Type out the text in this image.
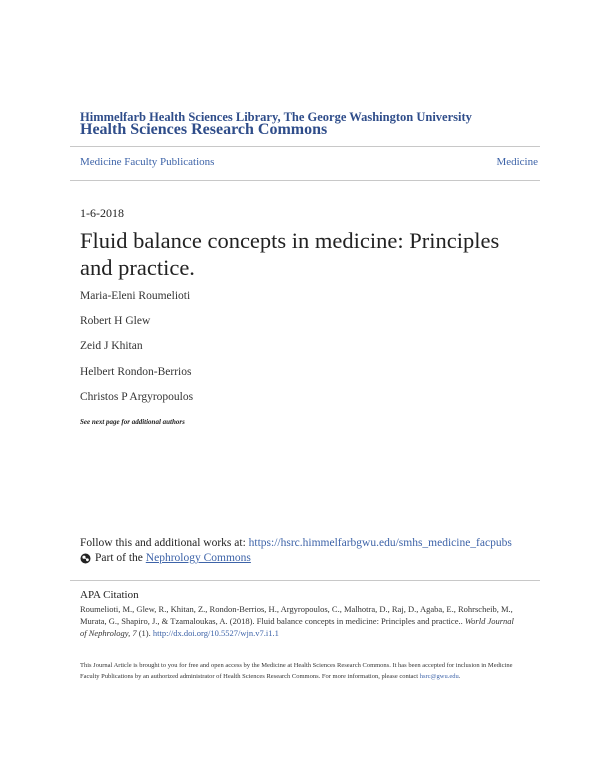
Himmelfarb Health Sciences Library, The George Washington University
Health Sciences Research Commons
Medicine Faculty Publications	Medicine
1-6-2018
Fluid balance concepts in medicine: Principles and practice.
Maria-Eleni Roumelioti
Robert H Glew
Zeid J Khitan
Helbert Rondon-Berrios
Christos P Argyropoulos
See next page for additional authors
Follow this and additional works at: https://hsrc.himmelfarbgwu.edu/smhs_medicine_facpubs
Part of the
Nephrology Commons
APA Citation
Roumelioti, M., Glew, R., Khitan, Z., Rondon-Berrios, H., Argyropoulos, C., Malhotra, D., Raj, D., Agaba, E., Rohrscheib, M., Murata, G., Shapiro, J., & Tzamaloukas, A. (2018). Fluid balance concepts in medicine: Principles and practice.. World Journal of Nephrology, 7 (1). http://dx.doi.org/10.5527/wjn.v7.i1.1
This Journal Article is brought to you for free and open access by the Medicine at Health Sciences Research Commons. It has been accepted for inclusion in Medicine Faculty Publications by an authorized administrator of Health Sciences Research Commons. For more information, please contact hsrc@gwu.edu.
